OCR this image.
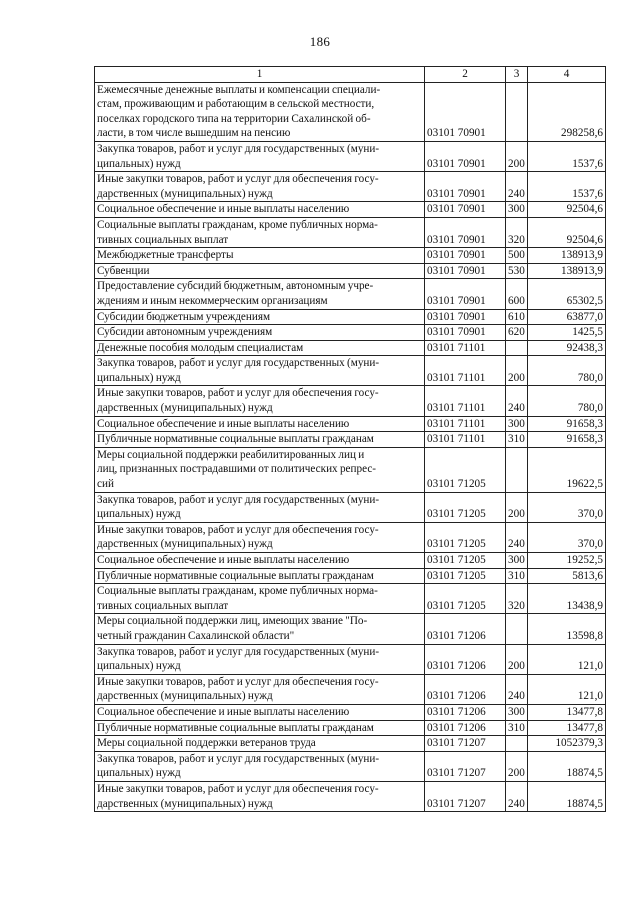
186
1	2	3	4
Ежемесячные денежные выплаты и компенсации специали-
стам, проживающим и работающим в сельской местности,
поселках городского типа на территории Сахалинской об-
ласти, в том числе вышедшим на пенсию	03101 70901		298258,6
Закупка товаров, работ и услуг для государственных (муни-
ципальных) нужд	03101 70901	200	1537,6
Иные закупки товаров, работ и услуг для обеспечения госу-
дарственных (муниципальных) нужд	03101 70901	240	1537,6
Социальное обеспечение и иные выплаты населению	03101 70901	300	92504,6
Социальные выплаты гражданам, кроме публичных норма-
тивных социальных выплат	03101 70901	320	92504,6
Межбюджетные трансферты	03101 70901	500	138913,9
Субвенции	03101 70901	530	138913,9
Предоставление субсидий бюджетным, автономным учре-
ждениям и иным некоммерческим организациям	03101 70901	600	65302,5
Субсидии бюджетным учреждениям	03101 70901	610	63877,0
Субсидии автономным учреждениям	03101 70901	620	1425,5
Денежные пособия молодым специалистам	03101 71101		92438,3
Закупка товаров, работ и услуг для государственных (муни-
ципальных) нужд	03101 71101	200	780,0
Иные закупки товаров, работ и услуг для обеспечения госу-
дарственных (муниципальных) нужд	03101 71101	240	780,0
Социальное обеспечение и иные выплаты населению	03101 71101	300	91658,3
Публичные нормативные социальные выплаты гражданам	03101 71101	310	91658,3
Меры социальной поддержки реабилитированных лиц и
лиц, признанных пострадавшими от политических репрес-
сий	03101 71205		19622,5
Закупка товаров, работ и услуг для государственных (муни-
ципальных) нужд	03101 71205	200	370,0
Иные закупки товаров, работ и услуг для обеспечения госу-
дарственных (муниципальных) нужд	03101 71205	240	370,0
Социальное обеспечение и иные выплаты населению	03101 71205	300	19252,5
Публичные нормативные социальные выплаты гражданам	03101 71205	310	5813,6
Социальные выплаты гражданам, кроме публичных норма-
тивных социальных выплат	03101 71205	320	13438,9
Меры социальной поддержки лиц, имеющих звание "По-
четный гражданин Сахалинской области"	03101 71206		13598,8
Закупка товаров, работ и услуг для государственных (муни-
ципальных) нужд	03101 71206	200	121,0
Иные закупки товаров, работ и услуг для обеспечения госу-
дарственных (муниципальных) нужд	03101 71206	240	121,0
Социальное обеспечение и иные выплаты населению	03101 71206	300	13477,8
Публичные нормативные социальные выплаты гражданам	03101 71206	310	13477,8
Меры социальной поддержки ветеранов труда	03101 71207		1052379,3
Закупка товаров, работ и услуг для государственных (муни-
ципальных) нужд	03101 71207	200	18874,5
Иные закупки товаров, работ и услуг для обеспечения госу-
дарственных (муниципальных) нужд	03101 71207	240	18874,5
